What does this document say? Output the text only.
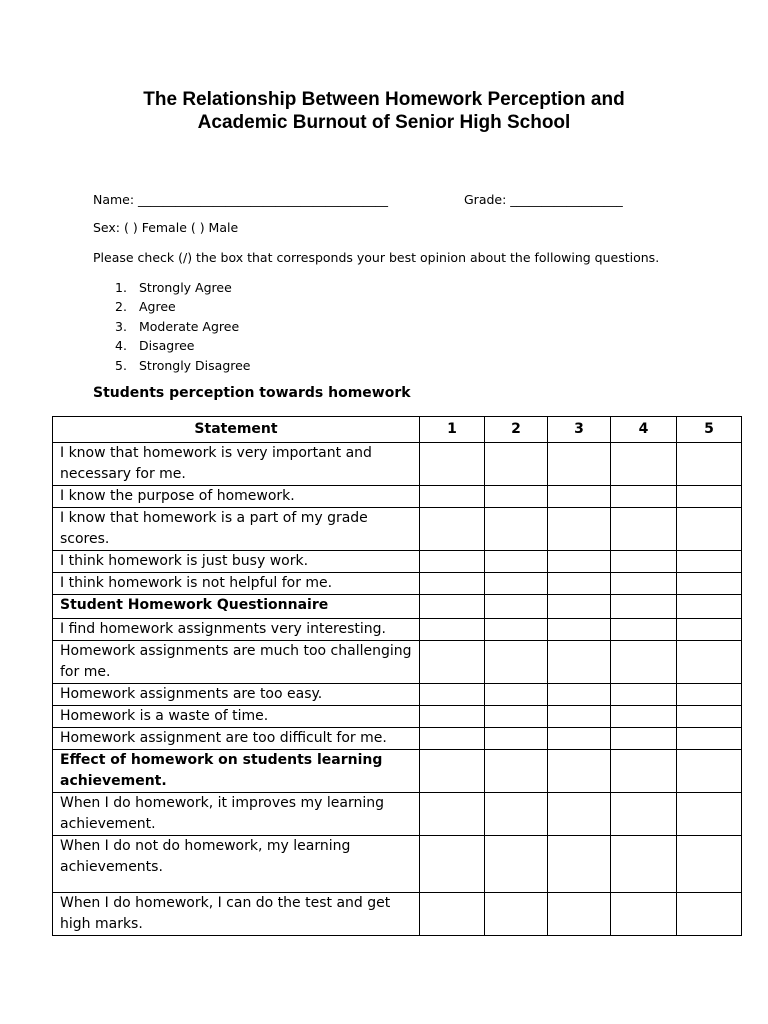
The Relationship Between Homework Perception and
Academic Burnout of Senior High School
Name: ________________________________________	Grade: __________________
Sex: ( ) Female ( ) Male
Please check (/) the box that corresponds your best opinion about the following questions.
1. Strongly Agree
2. Agree
3. Moderate Agree
4. Disagree
5. Strongly Disagree
Students perception towards homework
Statement	1	2	3	4	5
I know that homework is very important and necessary for me.					
I know the purpose of homework.					
I know that homework is a part of my grade scores.					
I think homework is just busy work.					
I think homework is not helpful for me.					
Student Homework Questionnaire					
I find homework assignments very interesting.					
Homework assignments are much too challenging for me.					
Homework assignments are too easy.					
Homework is a waste of time.					
Homework assignment are too difficult for me.					
Effect of homework on students learning achievement.					
When I do homework, it improves my learning achievement.					
When I do not do homework, my learning achievements.					
When I do homework, I can do the test and get high marks.					
